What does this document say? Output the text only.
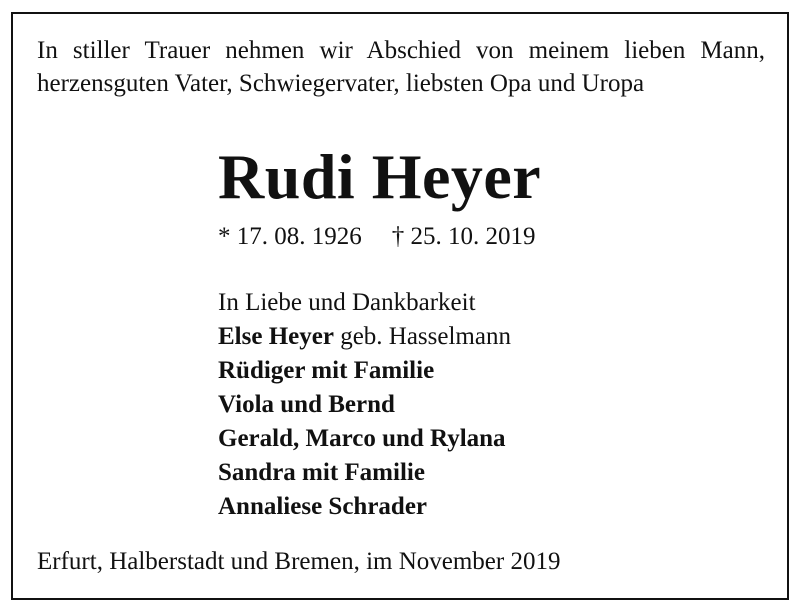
In stiller Trauer nehmen wir Abschied von meinem lieben Mann, herzensguten Vater, Schwiegervater, liebsten Opa und Uropa
Rudi Heyer
* 17. 08. 1926 † 25. 10. 2019
In Liebe und Dankbarkeit
Else Heyer geb. Hasselmann
Rüdiger mit Familie
Viola und Bernd
Gerald, Marco und Rylana
Sandra mit Familie
Annaliese Schrader
Erfurt, Halberstadt und Bremen, im November 2019
